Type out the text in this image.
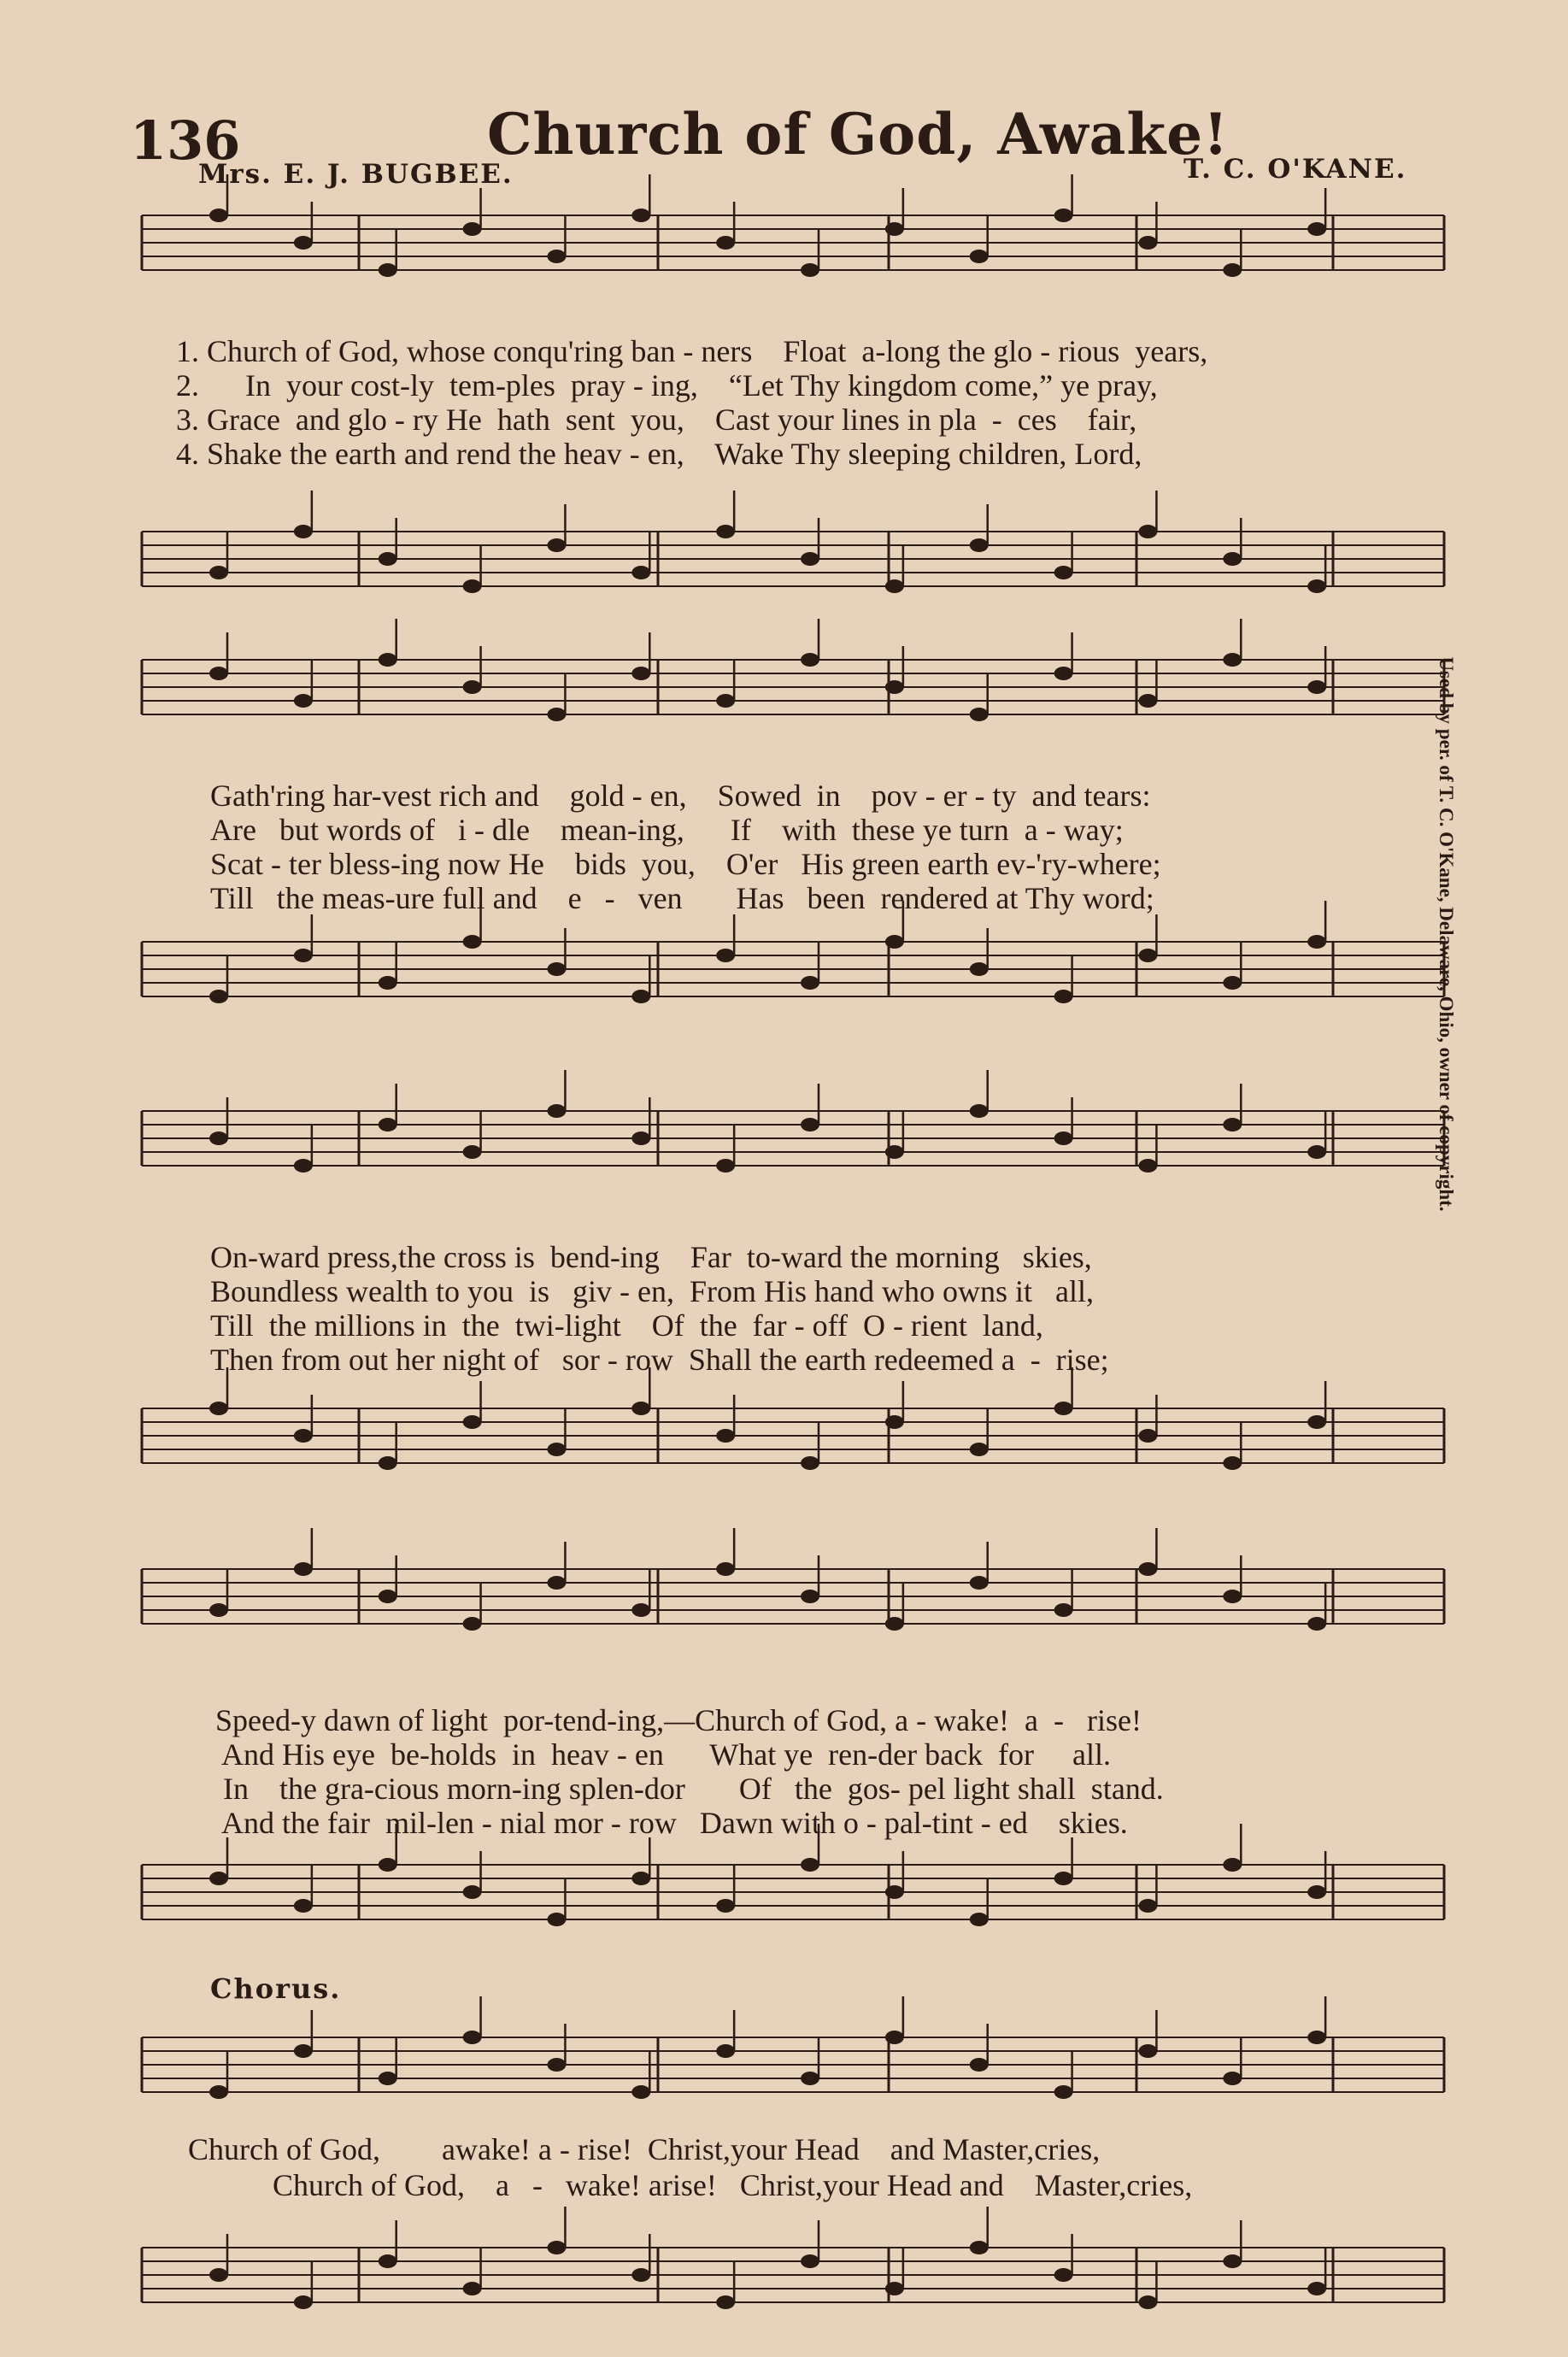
136	Church of God, Awake!
Mrs. E. J. BUGBEE.	T. C. O'KANE.
1. Church of God, whose conqu'ring ban - ners    Float  a-long the glo - rious  years,
2.      In  your cost-ly  tem-ples  pray - ing,    “Let Thy kingdom come,” ye pray,
3. Grace  and glo - ry He  hath  sent  you,    Cast your lines in pla  -  ces    fair,
4. Shake the earth and rend the heav - en,    Wake Thy sleeping children, Lord,
Gath'ring har-vest rich and    gold - en,    Sowed  in    pov - er - ty  and tears:
Are   but words of   i - dle    mean-ing,      If    with  these ye turn  a - way;
Scat - ter bless-ing now He    bids  you,    O'er   His green earth ev-'ry-where;
Till   the meas-ure full and    e   -   ven       Has   been  rendered at Thy word;
On-ward press,the cross is  bend-ing    Far  to-ward the morning   skies,
Boundless wealth to you  is   giv - en,  From His hand who owns it   all,
Till  the millions in  the  twi-light    Of  the  far - off  O - rient  land,
Then from out her night of   sor - row  Shall the earth redeemed a  -  rise;
Speed-y dawn of light  por-tend-ing,—Church of God, a - wake!  a  -   rise!
And His eye  be-holds  in  heav - en      What ye  ren-der back  for     all.
In    the gra-cious morn-ing splen-dor       Of   the  gos- pel light shall  stand.
And the fair  mil-len - nial mor - row   Dawn with o - pal-tint - ed    skies.
Chorus.
Church of God,        awake! a - rise!  Christ,your Head    and Master,cries,
Church of God,    a   -   wake! arise!   Christ,your Head and    Master,cries,
Used by per. of T. C. O'Kane, Delaware, Ohio, owner of copyright.
